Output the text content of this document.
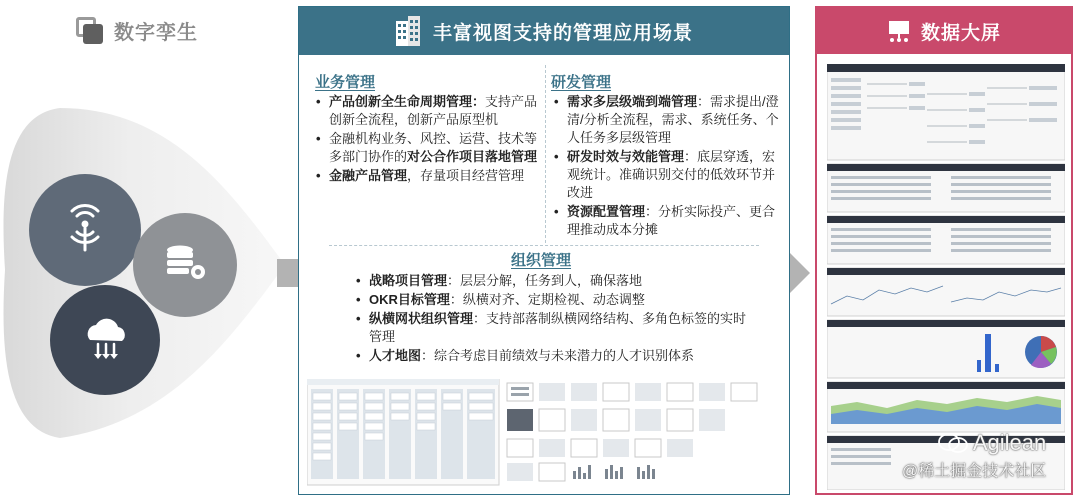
数字孪生	丰富视图支持的管理应用场景
业务管理
• 产品创新全生命周期管理：支持产品创新全流程，创新产品原型机
• 金融机构业务、风控、运营、技术等多部门协作的对公合作项目落地管理
• 金融产品管理，存量项目经营管理
研发管理
• 需求多层级端到端管理：需求提出/澄清/分析全流程，需求、系统任务、个人任务多层级管理
• 研发时效与效能管理：底层穿透，宏观统计。准确识别交付的低效环节并改进
• 资源配置管理：分析实际投产、更合理推动成本分摊
组织管理
• 战略项目管理：层层分解，任务到人，确保落地
• OKR目标管理：纵横对齐、定期检视、动态调整
• 纵横网状组织管理：支持部落制纵横网络结构、多角色标签的实时管理
• 人才地图：综合考虑目前绩效与未来潜力的人才识别体系
数据大屏
Agilean
@稀土掘金技术社区
